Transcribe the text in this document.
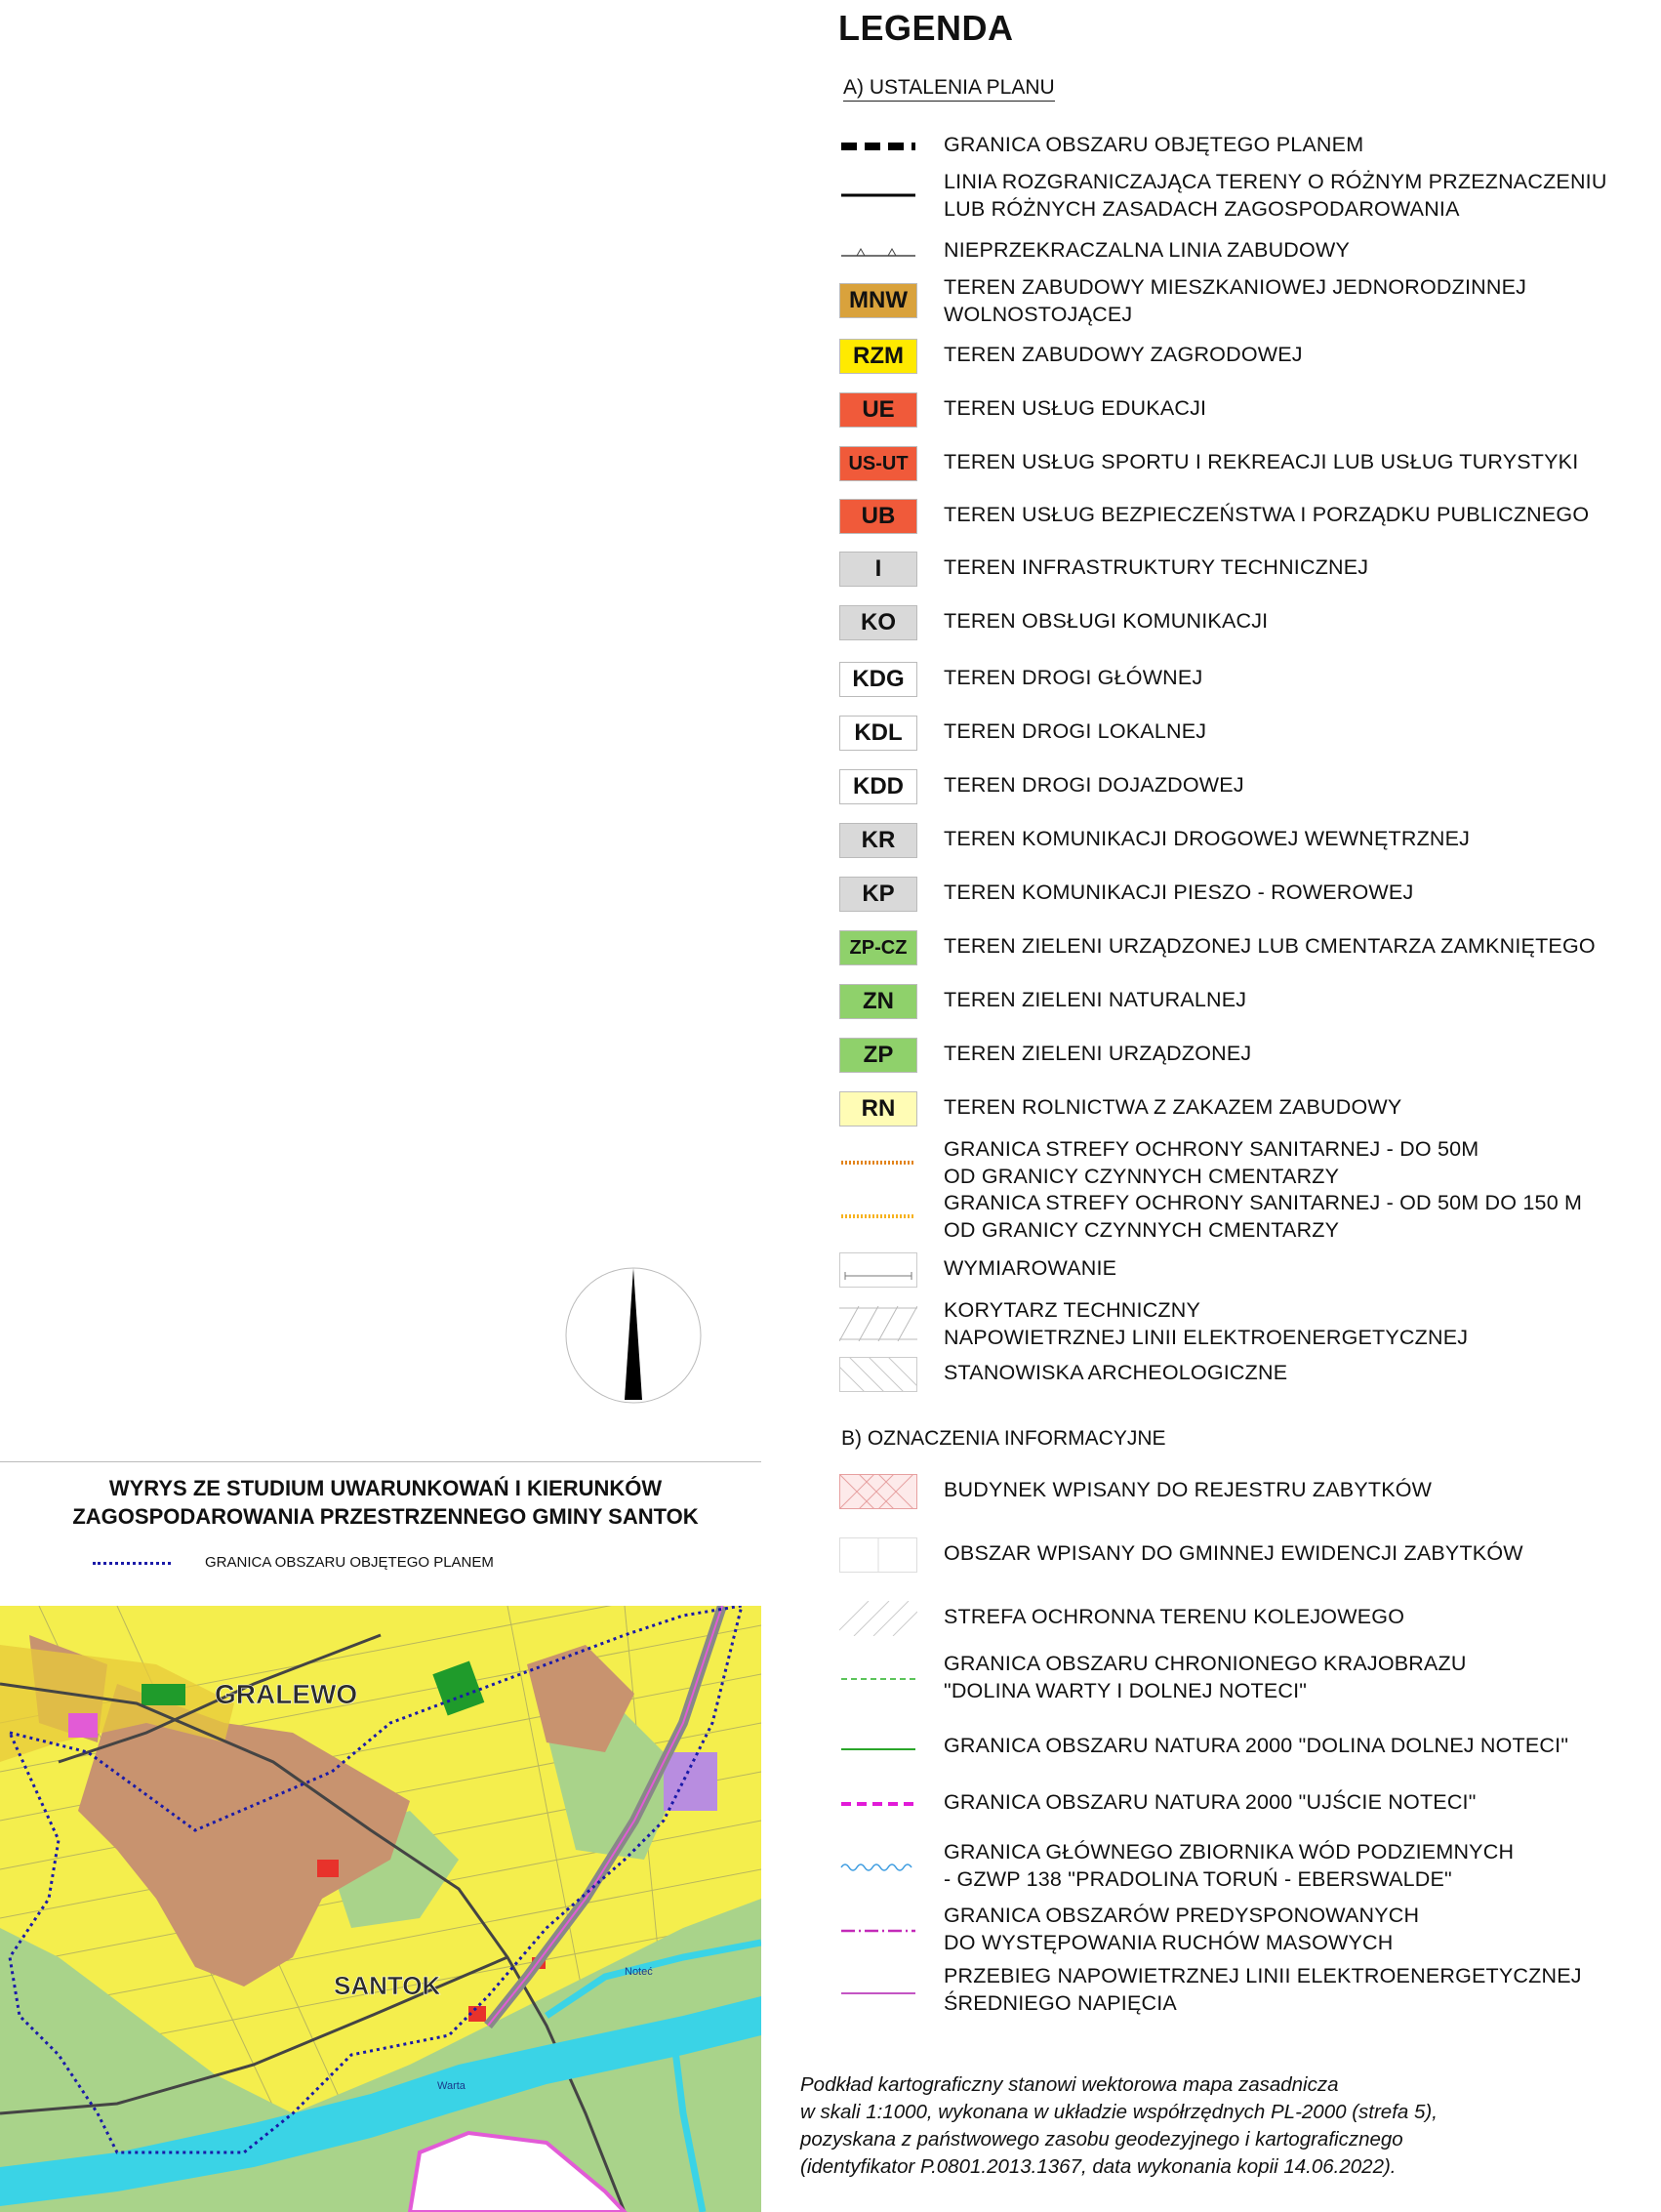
LEGENDA
A) USTALENIA PLANU
GRANICA OBSZARU OBJĘTEGO PLANEM
LINIA ROZGRANICZAJĄCA TERENY O RÓŻNYM PRZEZNACZENIU
LUB RÓŻNYCH ZASADACH ZAGOSPODAROWANIA
NIEPRZEKRACZALNA LINIA ZABUDOWY
MNW	TEREN ZABUDOWY MIESZKANIOWEJ JEDNORODZINNEJ
WOLNOSTOJĄCEJ
RZM	TEREN ZABUDOWY ZAGRODOWEJ
UE	TEREN USŁUG EDUKACJI
US-UT	TEREN USŁUG SPORTU I REKREACJI LUB USŁUG TURYSTYKI
UB	TEREN USŁUG BEZPIECZEŃSTWA I PORZĄDKU PUBLICZNEGO
I	TEREN INFRASTRUKTURY TECHNICZNEJ
KO	TEREN OBSŁUGI KOMUNIKACJI
KDG	TEREN DROGI GŁÓWNEJ
KDL	TEREN DROGI LOKALNEJ
KDD	TEREN DROGI DOJAZDOWEJ
KR	TEREN KOMUNIKACJI DROGOWEJ WEWNĘTRZNEJ
KP	TEREN KOMUNIKACJI PIESZO - ROWEROWEJ
ZP-CZ	TEREN ZIELENI URZĄDZONEJ LUB CMENTARZA ZAMKNIĘTEGO
ZN	TEREN ZIELENI NATURALNEJ
ZP	TEREN ZIELENI URZĄDZONEJ
RN	TEREN ROLNICTWA Z ZAKAZEM ZABUDOWY
GRANICA STREFY OCHRONY SANITARNEJ - DO 50M
OD GRANICY CZYNNYCH CMENTARZY
GRANICA STREFY OCHRONY SANITARNEJ - OD 50M DO 150 M
OD GRANICY CZYNNYCH CMENTARZY
WYMIAROWANIE
KORYTARZ TECHNICZNY
NAPOWIETRZNEJ LINII ELEKTROENERGETYCZNEJ
STANOWISKA ARCHEOLOGICZNE
B) OZNACZENIA INFORMACYJNE
BUDYNEK WPISANY DO REJESTRU ZABYTKÓW
OBSZAR WPISANY DO GMINNEJ EWIDENCJI ZABYTKÓW
STREFA OCHRONNA TERENU KOLEJOWEGO
GRANICA OBSZARU CHRONIONEGO KRAJOBRAZU
"DOLINA WARTY I DOLNEJ NOTECI"
GRANICA OBSZARU NATURA 2000 "DOLINA DOLNEJ NOTECI"
GRANICA OBSZARU NATURA 2000 "UJŚCIE NOTECI"
GRANICA GŁÓWNEGO ZBIORNIKA WÓD PODZIEMNYCH
- GZWP 138 "PRADOLINA TORUŃ - EBERSWALDE"
GRANICA OBSZARÓW PREDYSPONOWANYCH
DO WYSTĘPOWANIA RUCHÓW MASOWYCH
PRZEBIEG NAPOWIETRZNEJ LINII ELEKTROENERGETYCZNEJ
ŚREDNIEGO NAPIĘCIA
Podkład kartograficzny stanowi wektorowa mapa zasadnicza
w skali 1:1000, wykonana w układzie współrzędnych PL-2000 (strefa 5),
pozyskana z państwowego zasobu geodezyjnego i kartograficznego
(identyfikator P.0801.2013.1367, data wykonania kopii 14.06.2022).
WYRYS ZE STUDIUM UWARUNKOWAŃ I KIERUNKÓW
ZAGOSPODAROWANIA PRZESTRZENNEGO GMINY SANTOK
GRANICA OBSZARU OBJĘTEGO PLANEM
GRALEWO
SANTOK
Warta
Noteć
